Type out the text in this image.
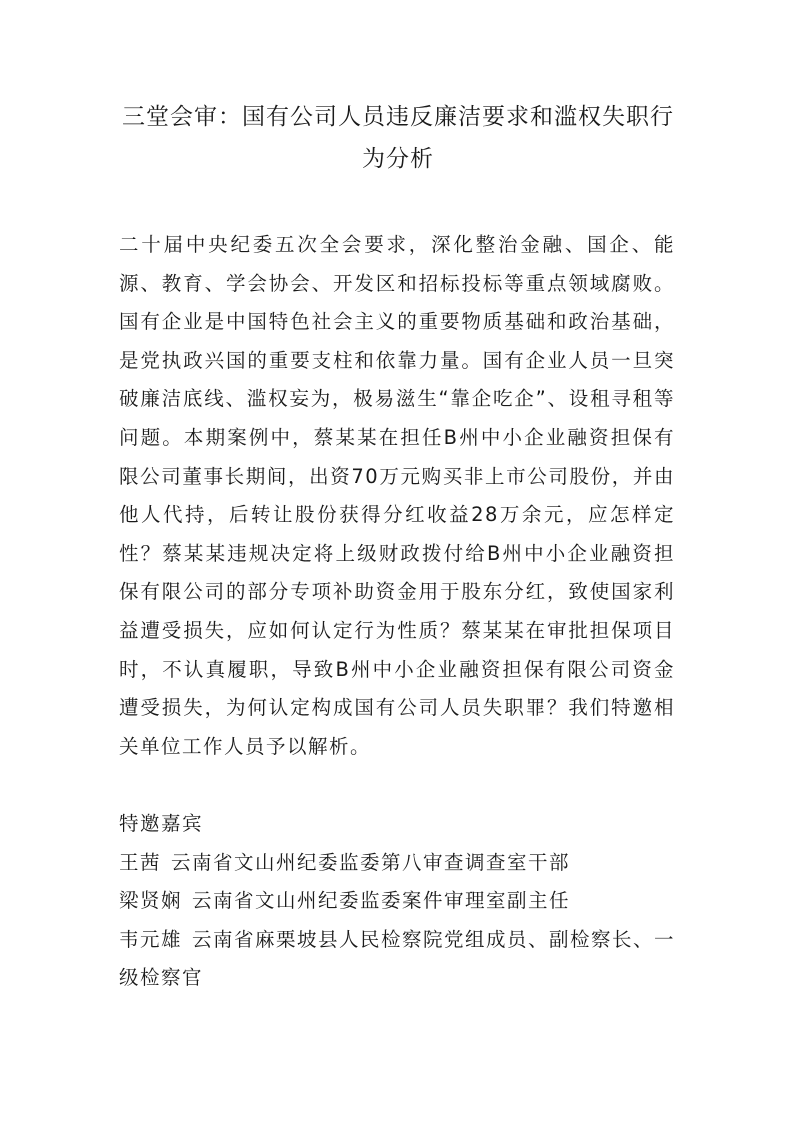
三堂会审：国有公司人员违反廉洁要求和滥权失职行为分析

二十届中央纪委五次全会要求，深化整治金融、国企、能源、教育、学会协会、开发区和招标投标等重点领域腐败。国有企业是中国特色社会主义的重要物质基础和政治基础，是党执政兴国的重要支柱和依靠力量。国有企业人员一旦突破廉洁底线、滥权妄为，极易滋生“靠企吃企”、设租寻租等问题。本期案例中，蔡某某在担任B州中小企业融资担保有限公司董事长期间，出资70万元购买非上市公司股份，并由他人代持，后转让股份获得分红收益28万余元，应怎样定性？蔡某某违规决定将上级财政拨付给B州中小企业融资担保有限公司的部分专项补助资金用于股东分红，致使国家利益遭受损失，应如何认定行为性质？蔡某某在审批担保项目时，不认真履职，导致B州中小企业融资担保有限公司资金遭受损失，为何认定构成国有公司人员失职罪？我们特邀相关单位工作人员予以解析。

特邀嘉宾
王茜 云南省文山州纪委监委第八审查调查室干部
梁贤娴 云南省文山州纪委监委案件审理室副主任
韦元雄 云南省麻栗坡县人民检察院党组成员、副检察长、一级检察官
